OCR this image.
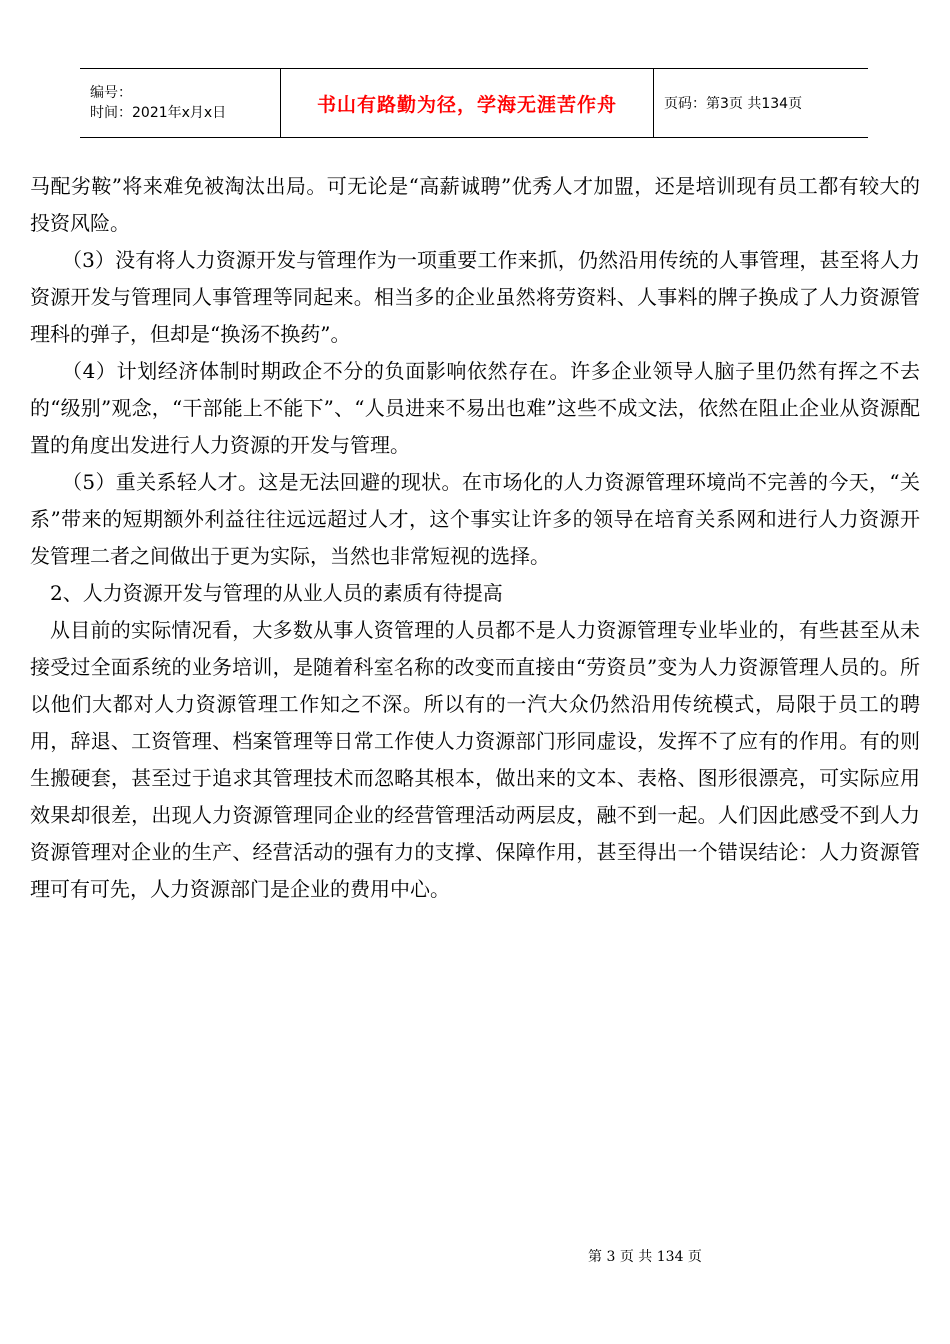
编号：
时间：2021年x月x日	书山有路勤为径，学海无涯苦作舟	页码：第3页 共134页

马配劣鞍”将来难免被淘汰出局。可无论是“高薪诚聘”优秀人才加盟，还是培训现有员工都有较大的投资风险。

（3）没有将人力资源开发与管理作为一项重要工作来抓，仍然沿用传统的人事管理，甚至将人力资源开发与管理同人事管理等同起来。相当多的企业虽然将劳资料、人事料的牌子换成了人力资源管理科的弹子，但却是“换汤不换药”。

（4）计划经济体制时期政企不分的负面影响依然存在。许多企业领导人脑子里仍然有挥之不去的“级别”观念，“干部能上不能下”、“人员进来不易出也难”这些不成文法，依然在阻止企业从资源配置的角度出发进行人力资源的开发与管理。

（5）重关系轻人才。这是无法回避的现状。在市场化的人力资源管理环境尚不完善的今天，“关系”带来的短期额外利益往往远远超过人才，这个事实让许多的领导在培育关系网和进行人力资源开发管理二者之间做出于更为实际，当然也非常短视的选择。

2、人力资源开发与管理的从业人员的素质有待提高

从目前的实际情况看，大多数从事人资管理的人员都不是人力资源管理专业毕业的，有些甚至从未接受过全面系统的业务培训，是随着科室名称的改变而直接由“劳资员”变为人力资源管理人员的。所以他们大都对人力资源管理工作知之不深。所以有的一汽大众仍然沿用传统模式，局限于员工的聘用，辞退、工资管理、档案管理等日常工作使人力资源部门形同虚设，发挥不了应有的作用。有的则生搬硬套，甚至过于追求其管理技术而忽略其根本，做出来的文本、表格、图形很漂亮，可实际应用效果却很差，出现人力资源管理同企业的经营管理活动两层皮，融不到一起。人们因此感受不到人力资源管理对企业的生产、经营活动的强有力的支撑、保障作用，甚至得出一个错误结论：人力资源管理可有可先，人力资源部门是企业的费用中心。

第 3 页 共 134 页
